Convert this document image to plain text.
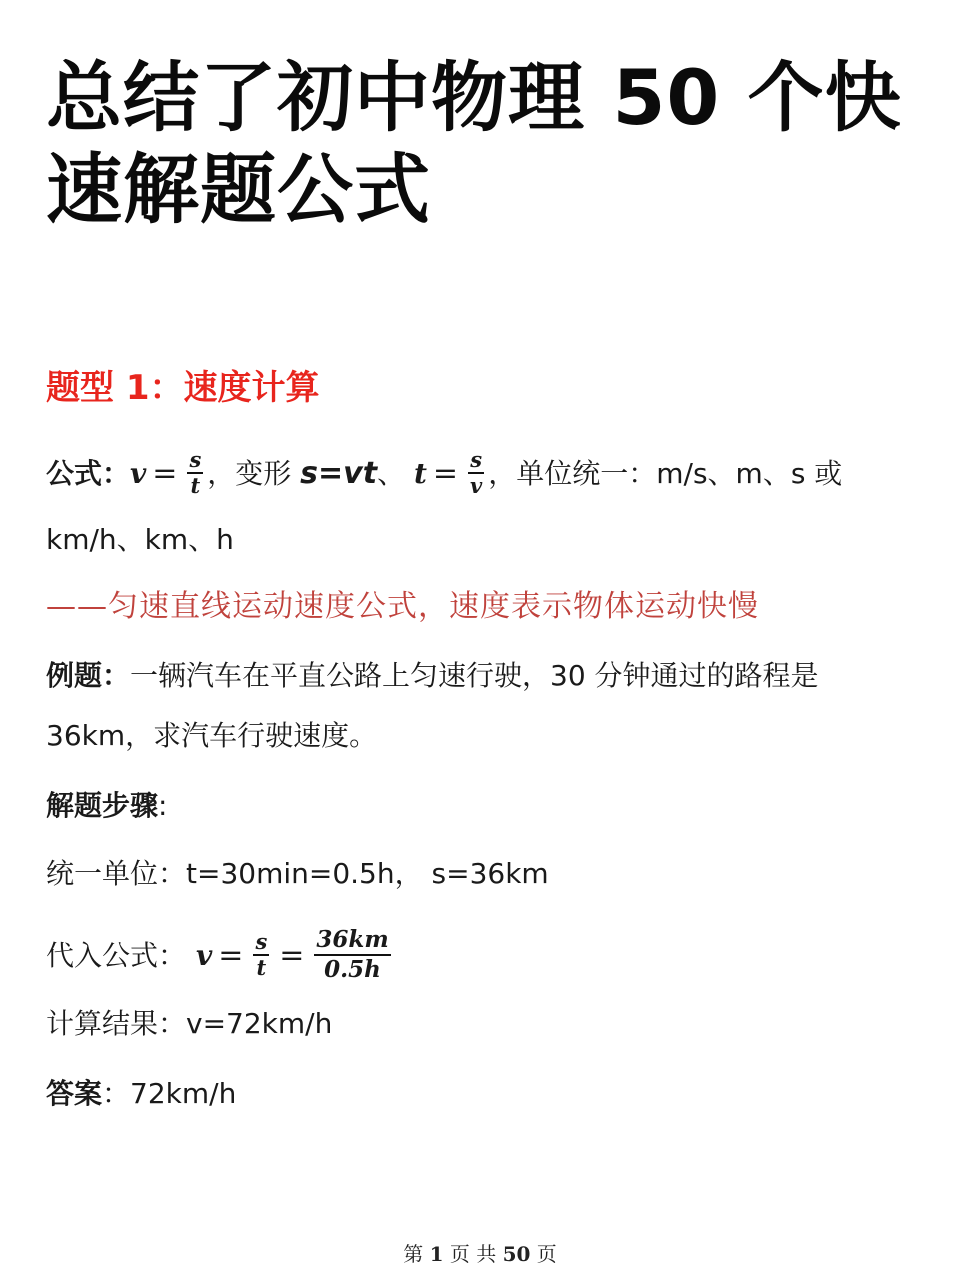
总结了初中物理 50 个快
速解题公式
题型 1：速度计算
公式：$v = \frac{s}{t}$ ，变形 s=vt、 $t = \frac{s}{v}$ ，单位统一：m/s、m、s 或
km/h、km、h
——匀速直线运动速度公式，速度表示物体运动快慢
例题：一辆汽车在平直公路上匀速行驶，30 分钟通过的路程是
36km，求汽车行驶速度。
解题步骤:
统一单位：t=30min=0.5h， s=36km
代入公式： $v = \frac{s}{t} = \frac{36km}{0.5h}$
计算结果：v=72km/h
答案：72km/h
第 1 页 共 50 页
